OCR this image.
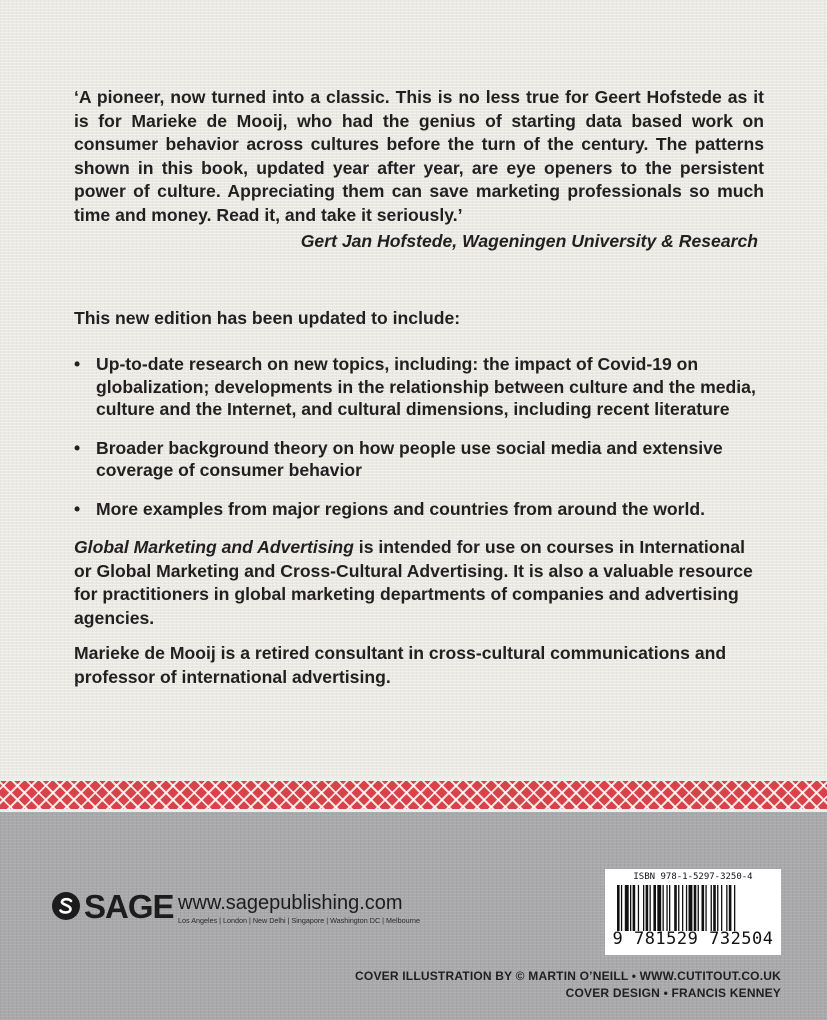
‘A pioneer, now turned into a classic. This is no less true for Geert Hofstede as it is for Marieke de Mooij, who had the genius of starting data based work on consumer behavior across cultures before the turn of the century. The patterns shown in this book, updated year after year, are eye openers to the persistent power of culture. Appreciating them can save marketing professionals so much time and money. Read it, and take it seriously.’

Gert Jan Hofstede, Wageningen University & Research

This new edition has been updated to include:

• Up-to-date research on new topics, including: the impact of Covid-19 on globalization; developments in the relationship between culture and the media, culture and the Internet, and cultural dimensions, including recent literature
• Broader background theory on how people use social media and extensive coverage of consumer behavior
• More examples from major regions and countries from around the world.

Global Marketing and Advertising is intended for use on courses in International or Global Marketing and Cross-Cultural Advertising. It is also a valuable resource for practitioners in global marketing departments of companies and advertising agencies.

Marieke de Mooij is a retired consultant in cross-cultural communications and professor of international advertising.

SAGE www.sagepublishing.com
Los Angeles | London | New Delhi | Singapore | Washington DC | Melbourne
ISBN 978-1-5297-3250-4
9 781529 732504
COVER ILLUSTRATION BY © MARTIN O’NEILL • WWW.CUTITOUT.CO.UK
COVER DESIGN • FRANCIS KENNEY
